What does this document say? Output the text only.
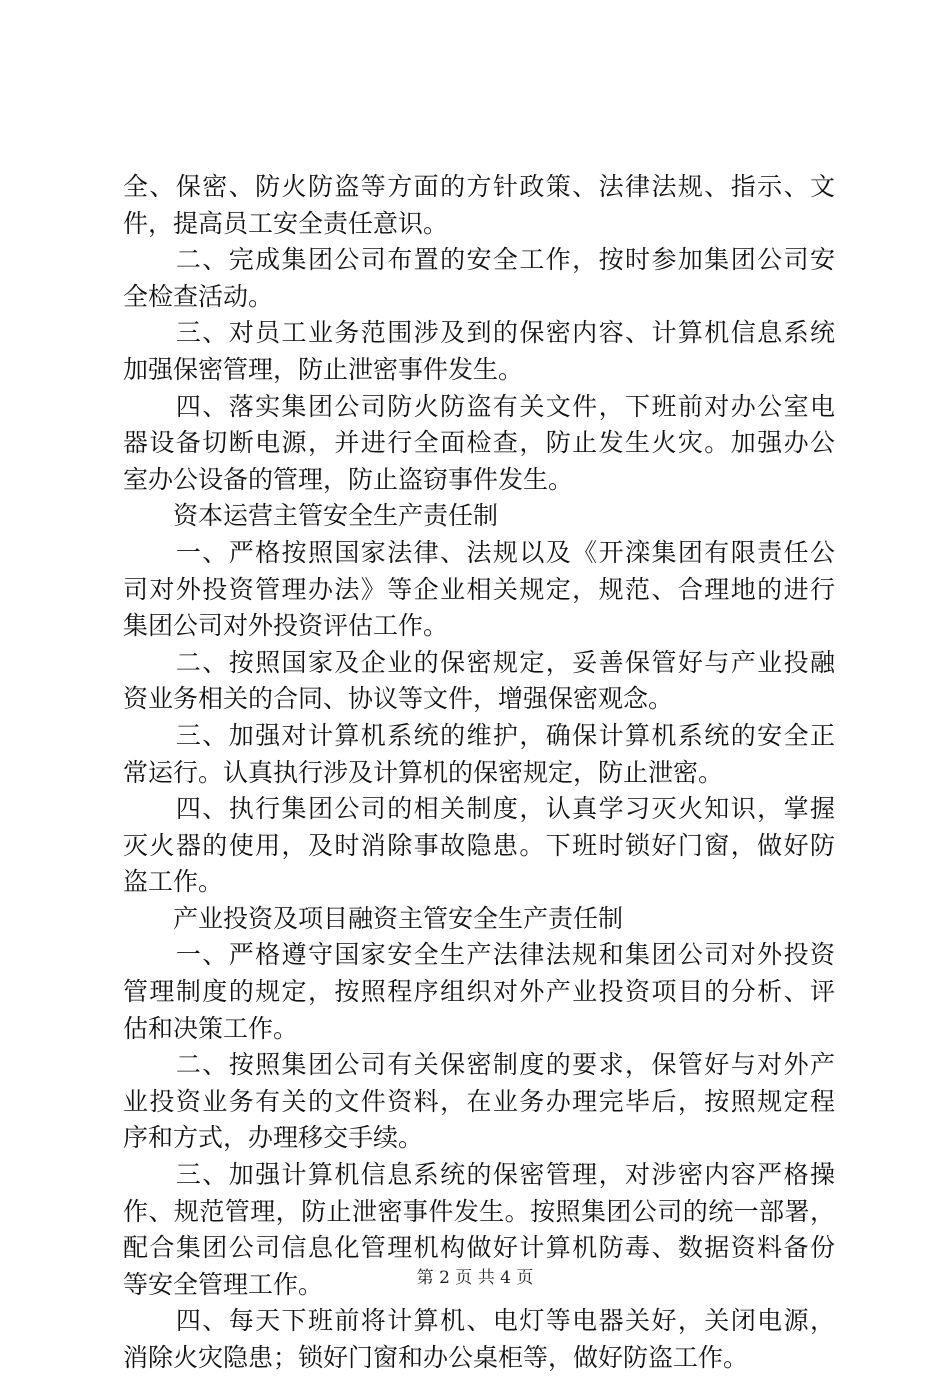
全、保密、防火防盗等方面的方针政策、法律法规、指示、文
件，提高员工安全责任意识。
　　二、完成集团公司布置的安全工作，按时参加集团公司安
全检查活动。
　　三、对员工业务范围涉及到的保密内容、计算机信息系统
加强保密管理，防止泄密事件发生。
　　四、落实集团公司防火防盗有关文件，下班前对办公室电
器设备切断电源，并进行全面检查，防止发生火灾。加强办公
室办公设备的管理，防止盗窃事件发生。
　　资本运营主管安全生产责任制
　　一、严格按照国家法律、法规以及《开滦集团有限责任公
司对外投资管理办法》等企业相关规定，规范、合理地的进行
集团公司对外投资评估工作。
　　二、按照国家及企业的保密规定，妥善保管好与产业投融
资业务相关的合同、协议等文件，增强保密观念。
　　三、加强对计算机系统的维护，确保计算机系统的安全正
常运行。认真执行涉及计算机的保密规定，防止泄密。
　　四、执行集团公司的相关制度，认真学习灭火知识，掌握
灭火器的使用，及时消除事故隐患。下班时锁好门窗，做好防
盗工作。
　　产业投资及项目融资主管安全生产责任制
　　一、严格遵守国家安全生产法律法规和集团公司对外投资
管理制度的规定，按照程序组织对外产业投资项目的分析、评
估和决策工作。
　　二、按照集团公司有关保密制度的要求，保管好与对外产
业投资业务有关的文件资料，在业务办理完毕后，按照规定程
序和方式，办理移交手续。
　　三、加强计算机信息系统的保密管理，对涉密内容严格操
作、规范管理，防止泄密事件发生。按照集团公司的统一部署，
配合集团公司信息化管理机构做好计算机防毒、数据资料备份
等安全管理工作。
　　四、每天下班前将计算机、电灯等电器关好，关闭电源，
消除火灾隐患；锁好门窗和办公桌柜等，做好防盗工作。
第 2 页 共 4 页
